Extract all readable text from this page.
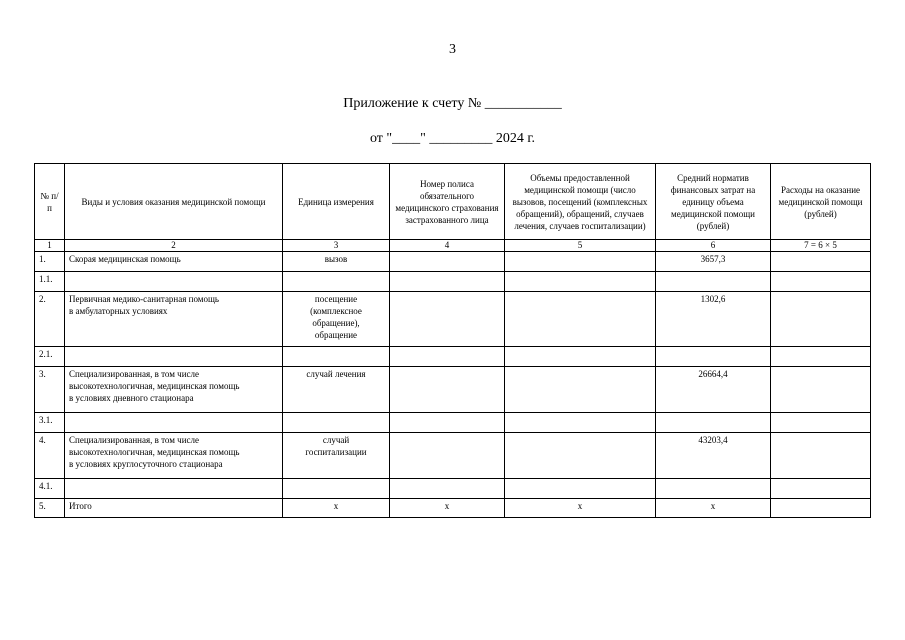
3
Приложение к счету № ___________
от "____" _________ 2024 г.
№ п/п	Виды и условия оказания медицинской помощи	Единица измерения	Номер полиса обязательного медицинского страхования застрахованного лица	Объемы предоставленной медицинской помощи (число вызовов, посещений (комплексных обращений), обращений, случаев лечения, случаев госпитализации)	Средний норматив финансовых затрат на единицу объема медицинской помощи (рублей)	Расходы на оказание медицинской помощи (рублей)
1	2	3	4	5	6	7 = 6 × 5
1.	Скорая медицинская помощь	вызов			3657,3	
1.1.						
2.	Первичная медико-санитарная помощь
в амбулаторных условиях	посещение
(комплексное
обращение),
обращение			1302,6	
2.1.						
3.	Специализированная, в том числе
высокотехнологичная, медицинская помощь
в условиях дневного стационара	случай лечения			26664,4	
3.1.						
4.	Специализированная, в том числе
высокотехнологичная, медицинская помощь
в условиях круглосуточного стационара	случай
госпитализации			43203,4	
4.1.						
5.	Итого	х	х	х	х	
